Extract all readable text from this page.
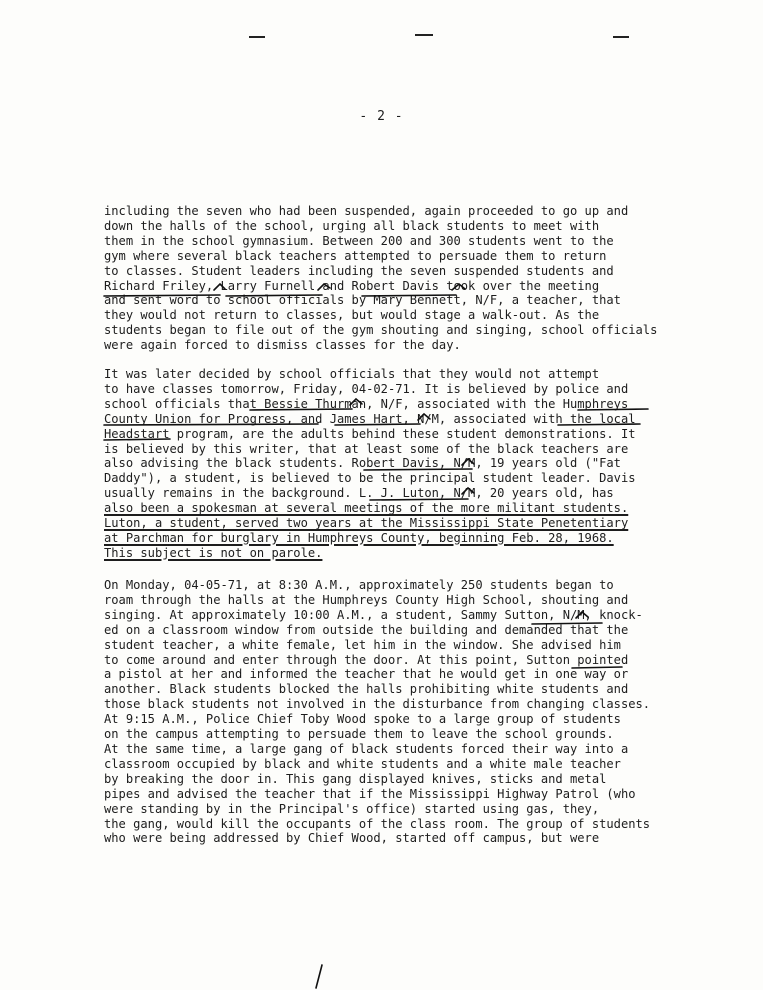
- 2 -

including the seven who had been suspended, again proceeded to go up and

down the halls of the school, urging all black students to meet with

them in the school gymnasium. Between 200 and 300 students went to the

gym where several black teachers attempted to persuade them to return

to classes. Student leaders including the seven suspended students and

Richard Friley, Larry Furnell and Robert Davis took over the meeting

and sent word to school officials by Mary Bennett, N/F, a teacher, that

they would not return to classes, but would stage a walk-out. As the

students began to file out of the gym shouting and singing, school officials

were again forced to dismiss classes for the day.

It was later decided by school officials that they would not attempt

to have classes tomorrow, Friday, 04-02-71. It is believed by police and

school officials that Bessie Thurman, N/F, associated with the Humphreys

County Union for Progress, and James Hart, N/M, associated with the local

Headstart program, are the adults behind these student demonstrations. It

is believed by this writer, that at least some of the black teachers are

also advising the black students. Robert Davis, N/M, 19 years old ("Fat

Daddy"), a student, is believed to be the principal student leader. Davis

usually remains in the background. L. J. Luton, N/M, 20 years old, has

also been a spokesman at several meetings of the more militant students.

Luton, a student, served two years at the Mississippi State Penetentiary

at Parchman for burglary in Humphreys County, beginning Feb. 28, 1968.

This subject is not on parole.

On Monday, 04-05-71, at 8:30 A.M., approximately 250 students began to

roam through the halls at the Humphreys County High School, shouting and

singing. At approximately 10:00 A.M., a student, Sammy Sutton, N/M, knock-

ed on a classroom window from outside the building and demanded that the

student teacher, a white female, let him in the window. She advised him

to come around and enter through the door. At this point, Sutton pointed

a pistol at her and informed the teacher that he would get in one way or

another. Black students blocked the halls prohibiting white students and

those black students not involved in the disturbance from changing classes.

At 9:15 A.M., Police Chief Toby Wood spoke to a large group of students

on the campus attempting to persuade them to leave the school grounds.

At the same time, a large gang of black students forced their way into a

classroom occupied by black and white students and a white male teacher

by breaking the door in. This gang displayed knives, sticks and metal

pipes and advised the teacher that if the Mississippi Highway Patrol (who

were standing by in the Principal's office) started using gas, they,

the gang, would kill the occupants of the class room. The group of students

who were being addressed by Chief Wood, started off campus, but were
